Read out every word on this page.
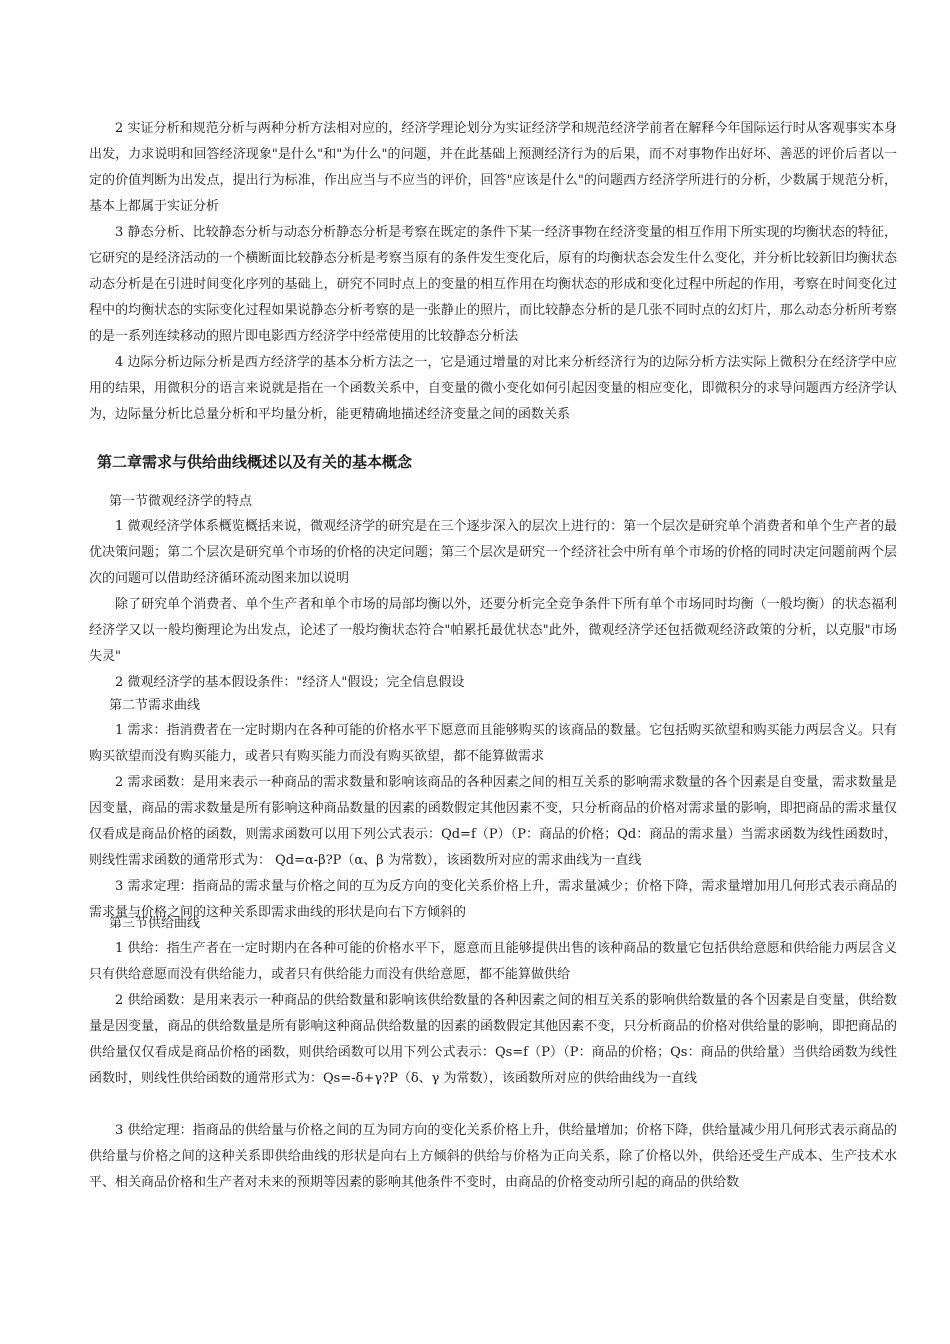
2 实证分析和规范分析与两种分析方法相对应的，经济学理论划分为实证经济学和规范经济学前者在解释今年国际运行时从客观事实本身出发，力求说明和回答经济现象"是什么"和"为什么"的问题，并在此基础上预测经济行为的后果，而不对事物作出好坏、善恶的评价后者以一定的价值判断为出发点，提出行为标准，作出应当与不应当的评价，回答"应该是什么"的问题西方经济学所进行的分析，少数属于规范分析，基本上都属于实证分析

3 静态分析、比较静态分析与动态分析静态分析是考察在既定的条件下某一经济事物在经济变量的相互作用下所实现的均衡状态的特征，它研究的是经济活动的一个横断面比较静态分析是考察当原有的条件发生变化后，原有的均衡状态会发生什么变化，并分析比较新旧均衡状态动态分析是在引进时间变化序列的基础上，研究不同时点上的变量的相互作用在均衡状态的形成和变化过程中所起的作用，考察在时间变化过程中的均衡状态的实际变化过程如果说静态分析考察的是一张静止的照片，而比较静态分析的是几张不同时点的幻灯片，那么动态分析所考察的是一系列连续移动的照片即电影西方经济学中经常使用的比较静态分析法

4 边际分析边际分析是西方经济学的基本分析方法之一，它是通过增量的对比来分析经济行为的边际分析方法实际上微积分在经济学中应用的结果，用微积分的语言来说就是指在一个函数关系中，自变量的微小变化如何引起因变量的相应变化，即微积分的求导问题西方经济学认为，边际量分析比总量分析和平均量分析，能更精确地描述经济变量之间的函数关系

第二章需求与供给曲线概述以及有关的基本概念

第一节微观经济学的特点

1 微观经济学体系概览概括来说，微观经济学的研究是在三个逐步深入的层次上进行的：第一个层次是研究单个消费者和单个生产者的最优决策问题；第二个层次是研究单个市场的价格的决定问题；第三个层次是研究一个经济社会中所有单个市场的价格的同时决定问题前两个层次的问题可以借助经济循环流动图来加以说明

除了研究单个消费者、单个生产者和单个市场的局部均衡以外，还要分析完全竞争条件下所有单个市场同时均衡（一般均衡）的状态福利经济学又以一般均衡理论为出发点，论述了一般均衡状态符合"帕累托最优状态"此外，微观经济学还包括微观经济政策的分析，以克服"市场失灵"

2 微观经济学的基本假设条件："经济人"假设；完全信息假设

第二节需求曲线

1 需求：指消费者在一定时期内在各种可能的价格水平下愿意而且能够购买的该商品的数量。它包括购买欲望和购买能力两层含义。只有购买欲望而没有购买能力，或者只有购买能力而没有购买欲望，都不能算做需求

2 需求函数：是用来表示一种商品的需求数量和影响该商品的各种因素之间的相互关系的影响需求数量的各个因素是自变量，需求数量是因变量，商品的需求数量是所有影响这种商品数量的因素的函数假定其他因素不变，只分析商品的价格对需求量的影响，即把商品的需求量仅仅看成是商品价格的函数，则需求函数可以用下列公式表示：Qd=f（P）（P：商品的价格；Qd：商品的需求量）当需求函数为线性函数时，则线性需求函数的通常形式为： Qd=α-β?P（α、β 为常数），该函数所对应的需求曲线为一直线

3 需求定理：指商品的需求量与价格之间的互为反方向的变化关系价格上升，需求量减少；价格下降，需求量增加用几何形式表示商品的需求量与价格之间的这种关系即需求曲线的形状是向右下方倾斜的

第三节供给曲线

1 供给：指生产者在一定时期内在各种可能的价格水平下，愿意而且能够提供出售的该种商品的数量它包括供给意愿和供给能力两层含义只有供给意愿而没有供给能力，或者只有供给能力而没有供给意愿，都不能算做供给

2 供给函数：是用来表示一种商品的供给数量和影响该供给数量的各种因素之间的相互关系的影响供给数量的各个因素是自变量，供给数量是因变量，商品的供给数量是所有影响这种商品供给数量的因素的函数假定其他因素不变，只分析商品的价格对供给量的影响，即把商品的供给量仅仅看成是商品价格的函数，则供给函数可以用下列公式表示：Qs=f（P）（P：商品的价格；Qs：商品的供给量）当供给函数为线性函数时，则线性供给函数的通常形式为：Qs=-δ+γ?P（δ、γ 为常数），该函数所对应的供给曲线为一直线

3 供给定理：指商品的供给量与价格之间的互为同方向的变化关系价格上升，供给量增加；价格下降，供给量减少用几何形式表示商品的供给量与价格之间的这种关系即供给曲线的形状是向右上方倾斜的供给与价格为正向关系，除了价格以外，供给还受生产成本、生产技术水平、相关商品价格和生产者对未来的预期等因素的影响其他条件不变时，由商品的价格变动所引起的商品的供给数
